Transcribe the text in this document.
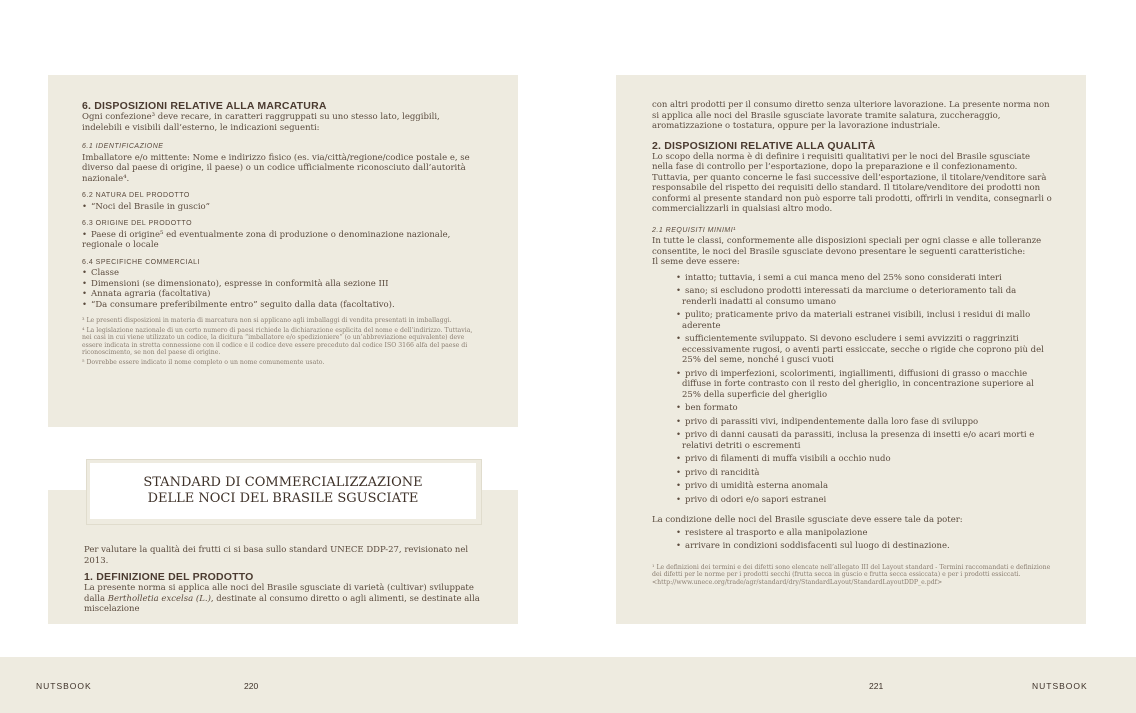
6. DISPOSIZIONI RELATIVE ALLA MARCATURA

Ogni confezione³ deve recare, in caratteri raggruppati su uno stesso lato, leggibili, indelebili e visibili dall’esterno, le indicazioni seguenti:

6.1 IDENTIFICAZIONE

Imballatore e/o mittente: Nome e indirizzo fisico (es. via/città/regione/codice postale e, se diverso dal paese di origine, il paese) o un codice ufficialmente riconosciuto dall’autorità nazionale⁴.

6.2 NATURA DEL PRODOTTO
• “Noci del Brasile in guscio”
6.3 ORIGINE DEL PRODOTTO
• Paese di origine⁵ ed eventualmente zona di produzione o denominazione nazionale, regionale o locale
6.4 SPECIFICHE COMMERCIALI
• Classe
• Dimensioni (se dimensionato), espresse in conformità alla sezione III
• Annata agraria (facoltativa)
• “Da consumare preferibilmente entro” seguito dalla data (facoltativo).
³ Le presenti disposizioni in materia di marcatura non si applicano agli imballaggi di vendita presentati in imballaggi.
⁴ La legislazione nazionale di un certo numero di paesi richiede la dichiarazione esplicita del nome e dell’indirizzo. Tuttavia, nei casi in cui viene utilizzato un codice, la dicitura “imballatore e/o spedizioniere” (o un’abbreviazione equivalente) deve essere indicata in stretta connessione con il codice e il codice deve essere preceduto dal codice ISO 3166 alfa del paese di riconoscimento, se non del paese di origine.
⁵ Dovrebbe essere indicato il nome completo o un nome comunemente usato.
STANDARD DI COMMERCIALIZZAZIONE
DELLE NOCI DEL BRASILE SGUSCIATE

Per valutare la qualità dei frutti ci si basa sullo standard UNECE DDP-27, revisionato nel 2013.

1. DEFINIZIONE DEL PRODOTTO

La presente norma si applica alle noci del Brasile sgusciate di varietà (cultivar) sviluppate dalla Bertholletia excelsa (L.), destinate al consumo diretto o agli alimenti, se destinate alla miscelazione

con altri prodotti per il consumo diretto senza ulteriore lavorazione. La presente norma non si applica alle noci del Brasile sgusciate lavorate tramite salatura, zuccheraggio, aromatizzazione o tostatura, oppure per la lavorazione industriale.

2. DISPOSIZIONI RELATIVE ALLA QUALITÀ

Lo scopo della norma è di definire i requisiti qualitativi per le noci del Brasile sgusciate nella fase di controllo per l’esportazione, dopo la preparazione e il confezionamento. Tuttavia, per quanto concerne le fasi successive dell’esportazione, il titolare/venditore sarà responsabile del rispetto dei requisiti dello standard. Il titolare/venditore dei prodotti non conformi al presente standard non può esporre tali prodotti, offrirli in vendita, consegnarli o commercializzarli in qualsiasi altro modo.

2.1 REQUISITI MINIMI¹

In tutte le classi, conformemente alle disposizioni speciali per ogni classe e alle tolleranze consentite, le noci del Brasile sgusciate devono presentare le seguenti caratteristiche:

Il seme deve essere:

• intatto; tuttavia, i semi a cui manca meno del 25% sono considerati interi
• sano; si escludono prodotti interessati da marciume o deterioramento tali da renderli inadatti al consumo umano
• pulito; praticamente privo da materiali estranei visibili, inclusi i residui di mallo aderente
• sufficientemente sviluppato. Si devono escludere i semi avvizziti o raggrinziti eccessivamente rugosi, o aventi parti essiccate, secche o rigide che coprono più del 25% del seme, nonché i gusci vuoti
• privo di imperfezioni, scolorimenti, ingiallimenti, diffusioni di grasso o macchie diffuse in forte contrasto con il resto del gheriglio, in concentrazione superiore al 25% della superficie del gheriglio
• ben formato
• privo di parassiti vivi, indipendentemente dalla loro fase di sviluppo
• privo di danni causati da parassiti, inclusa la presenza di insetti e/o acari morti e relativi detriti o escrementi
• privo di filamenti di muffa visibili a occhio nudo
• privo di rancidità
• privo di umidità esterna anomala
• privo di odori e/o sapori estranei

La condizione delle noci del Brasile sgusciate deve essere tale da poter:

• resistere al trasporto e alla manipolazione
• arrivare in condizioni soddisfacenti sul luogo di destinazione.
¹ Le definizioni dei termini e dei difetti sono elencate nell’allegato III del Layout standard - Termini raccomandati e definizione dei difetti per le norme per i prodotti secchi (frutta secca in guscio e frutta secca essiccata) e per i prodotti essiccati. <http://www.unece.org/trade/agr/standard/dry/StandardLayout/StandardLayoutDDP_e.pdf>
NUTSBOOK	220	221	NUTSBOOK
